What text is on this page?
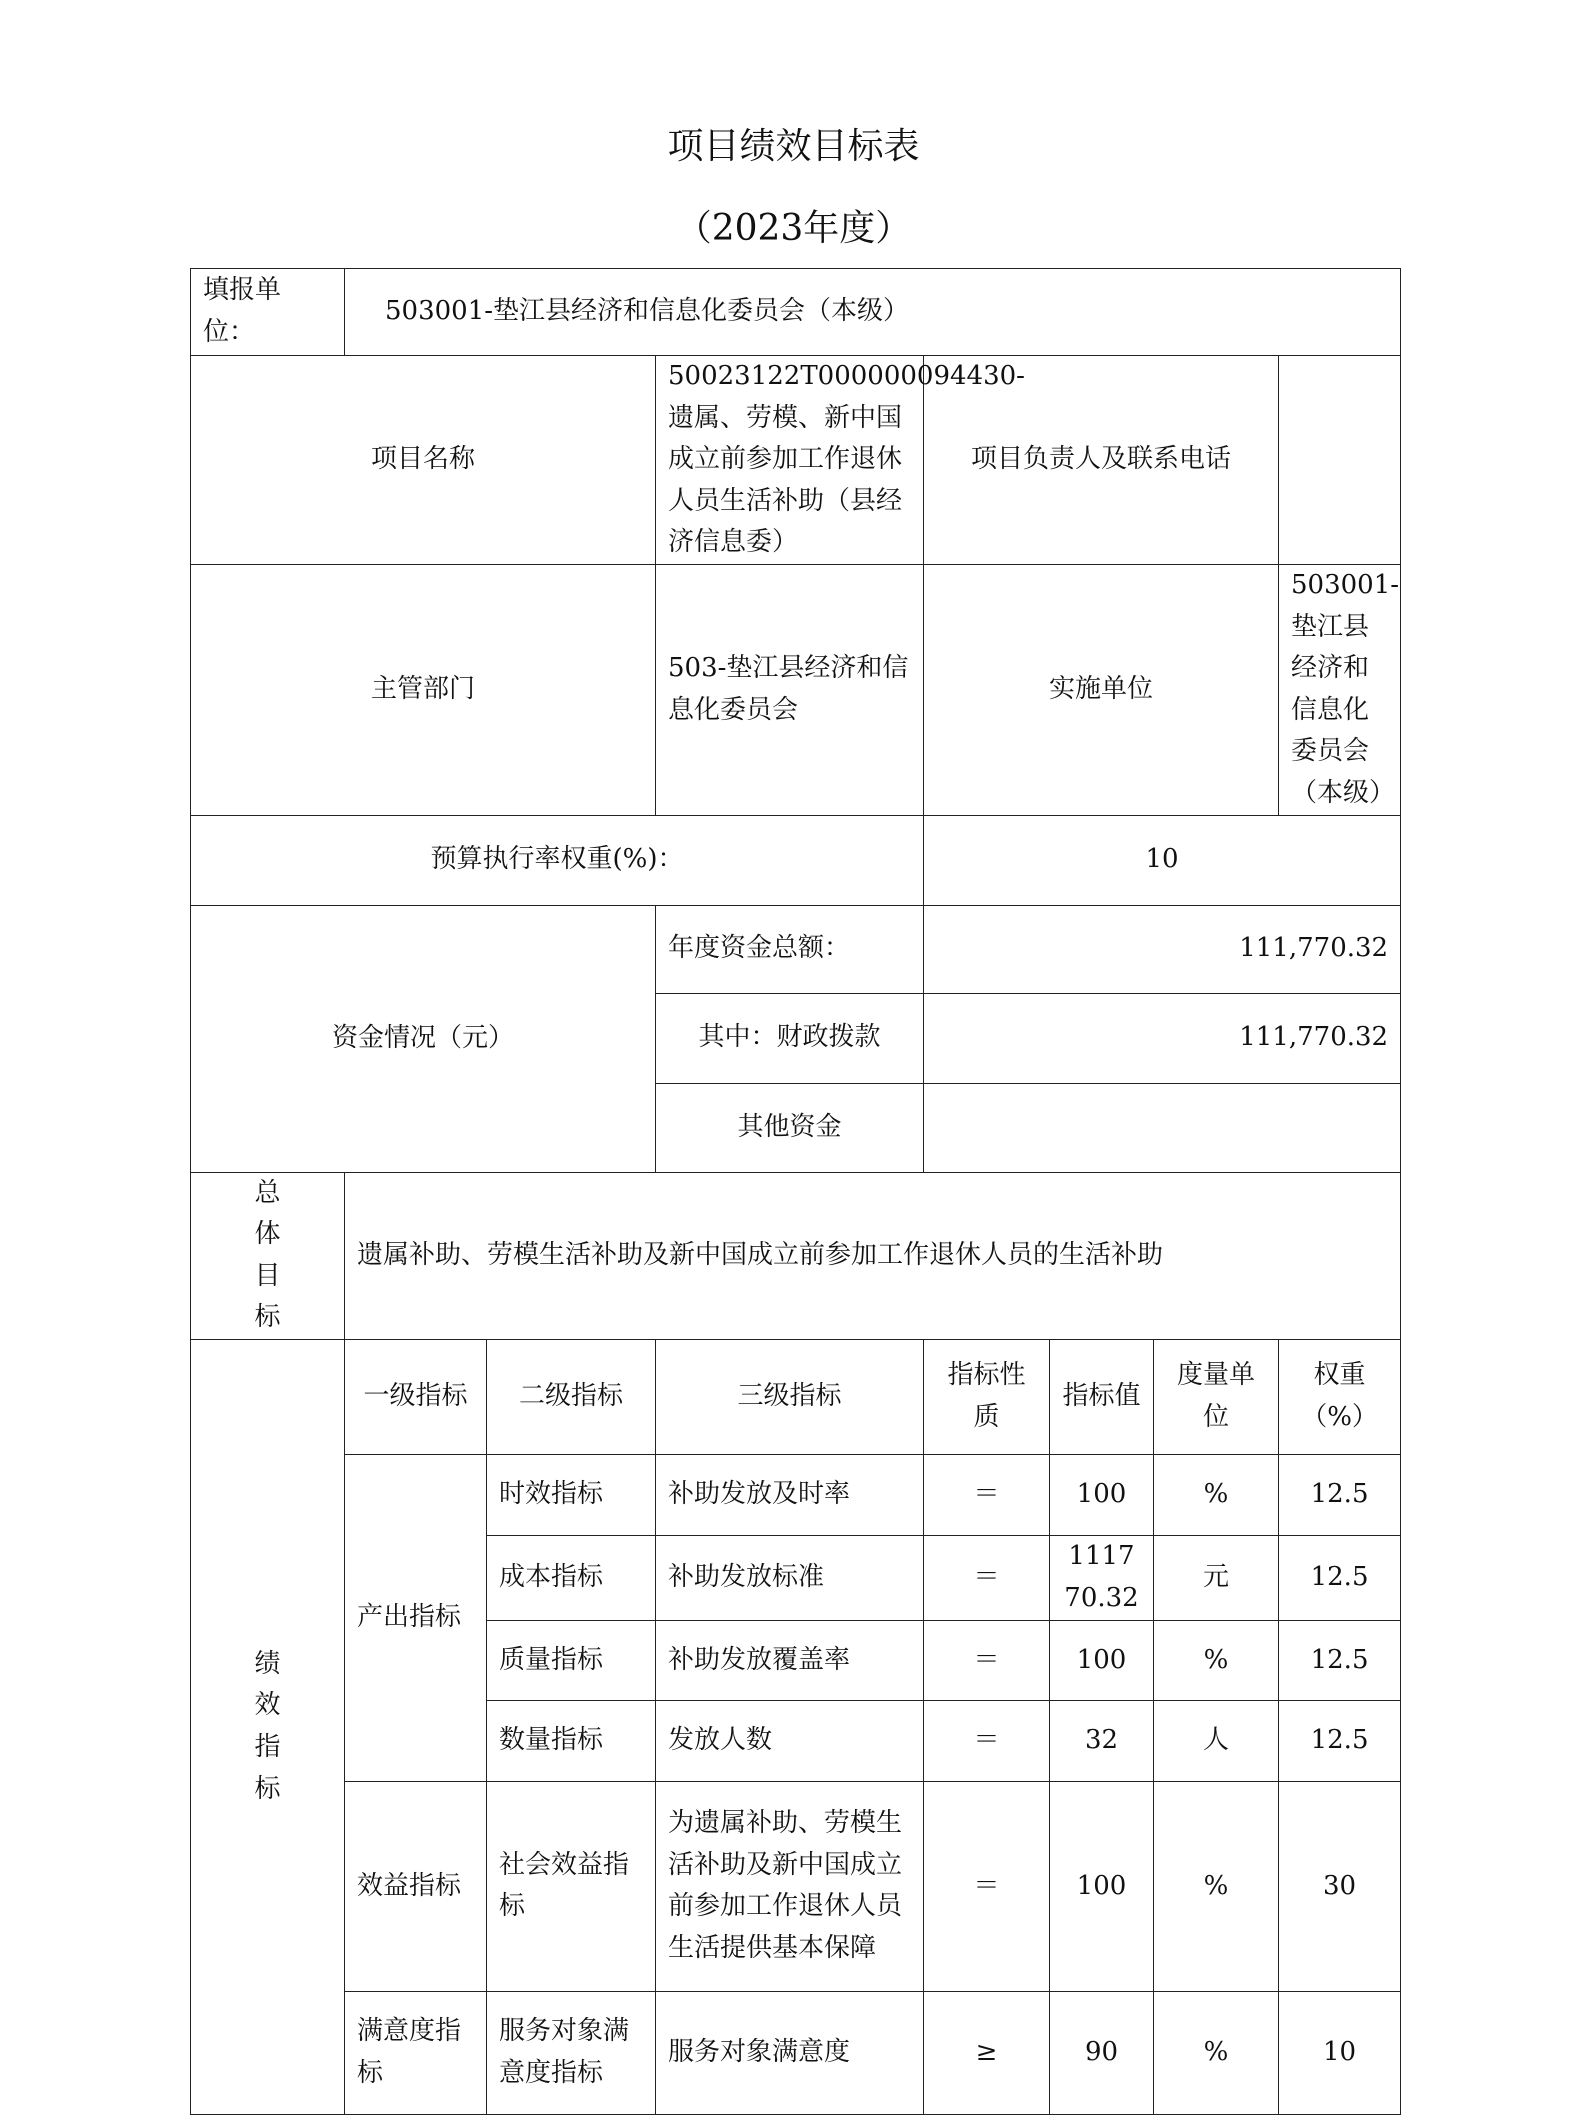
项目绩效目标表
（2023年度）
填报单位：	503001-垫江县经济和信息化委员会（本级）						
项目名称			50023122T000000094430-遗属、劳模、新中国成立前参加工作退休人员生活补助（县经济信息委）	项目负责人及联系电话			
主管部门			503-垫江县经济和信息化委员会	实施单位			503001-垫江县经济和信息化委员会（本级）
预算执行率权重(%)：				10			
资金情况（元）			年度资金总额：	111,770.32			
			其中：财政拨款	111,770.32			
			其他资金				
总
体
目
标	遗属补助、劳模生活补助及新中国成立前参加工作退休人员的生活补助						
绩
效
指
标	一级指标	二级指标	三级指标	指标性质	指标值	度量单位	权重（%）
	产出指标	时效指标	补助发放及时率	＝	100	%	12.5
		成本指标	补助发放标准	＝	111770.32	元	12.5
		质量指标	补助发放覆盖率	＝	100	%	12.5
		数量指标	发放人数	＝	32	人	12.5
	效益指标	社会效益指标	为遗属补助、劳模生活补助及新中国成立前参加工作退休人员生活提供基本保障	＝	100	%	30
	满意度指标	服务对象满意度指标	服务对象满意度	≥	90	%	10
